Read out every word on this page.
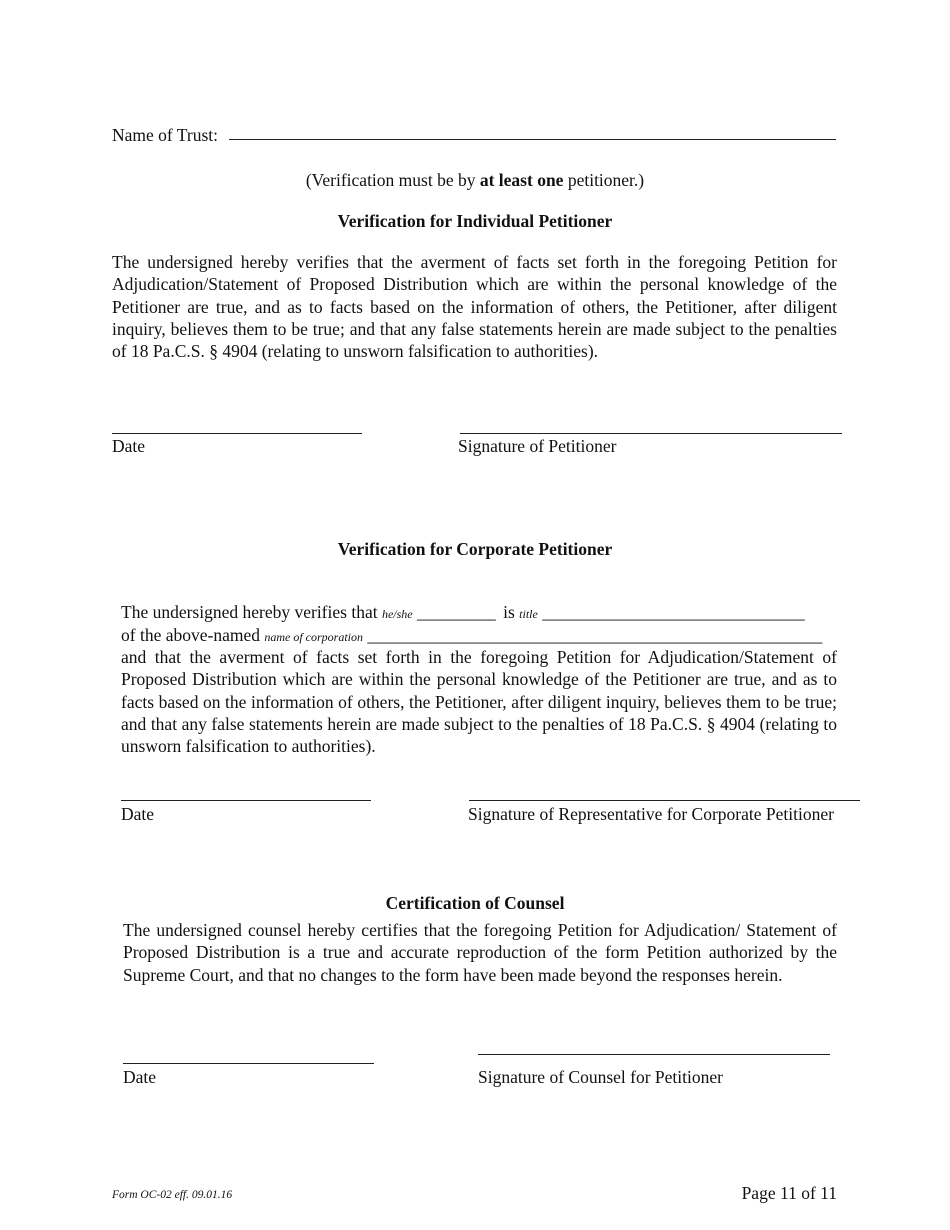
Name of Trust:
(Verification must be by at least one petitioner.)
Verification for Individual Petitioner
The undersigned hereby verifies that the averment of facts set forth in the foregoing Petition for Adjudication/Statement of Proposed Distribution which are within the personal knowledge of the Petitioner are true, and as to facts based on the information of others, the Petitioner, after diligent inquiry, believes them to be true; and that any false statements herein are made subject to the penalties of 18 Pa.C.S. § 4904 (relating to unsworn falsification to authorities).
Date	Signature of Petitioner
Verification for Corporate Petitioner
The undersigned hereby verifies that he/she _________ is title ______________________________
of the above-named name of corporation ____________________________________________________
and that the averment of facts set forth in the foregoing Petition for Adjudication/Statement of Proposed Distribution which are within the personal knowledge of the Petitioner are true, and as to facts based on the information of others, the Petitioner, after diligent inquiry, believes them to be true; and that any false statements herein are made subject to the penalties of 18 Pa.C.S. § 4904 (relating to unsworn falsification to authorities).
Date	Signature of Representative for Corporate Petitioner
Certification of Counsel
The undersigned counsel hereby certifies that the foregoing Petition for Adjudication/ Statement of Proposed Distribution is a true and accurate reproduction of the form Petition authorized by the Supreme Court, and that no changes to the form have been made beyond the responses herein.
Date	Signature of Counsel for Petitioner
Form OC-02 eff. 09.01.16	Page 11 of 11
